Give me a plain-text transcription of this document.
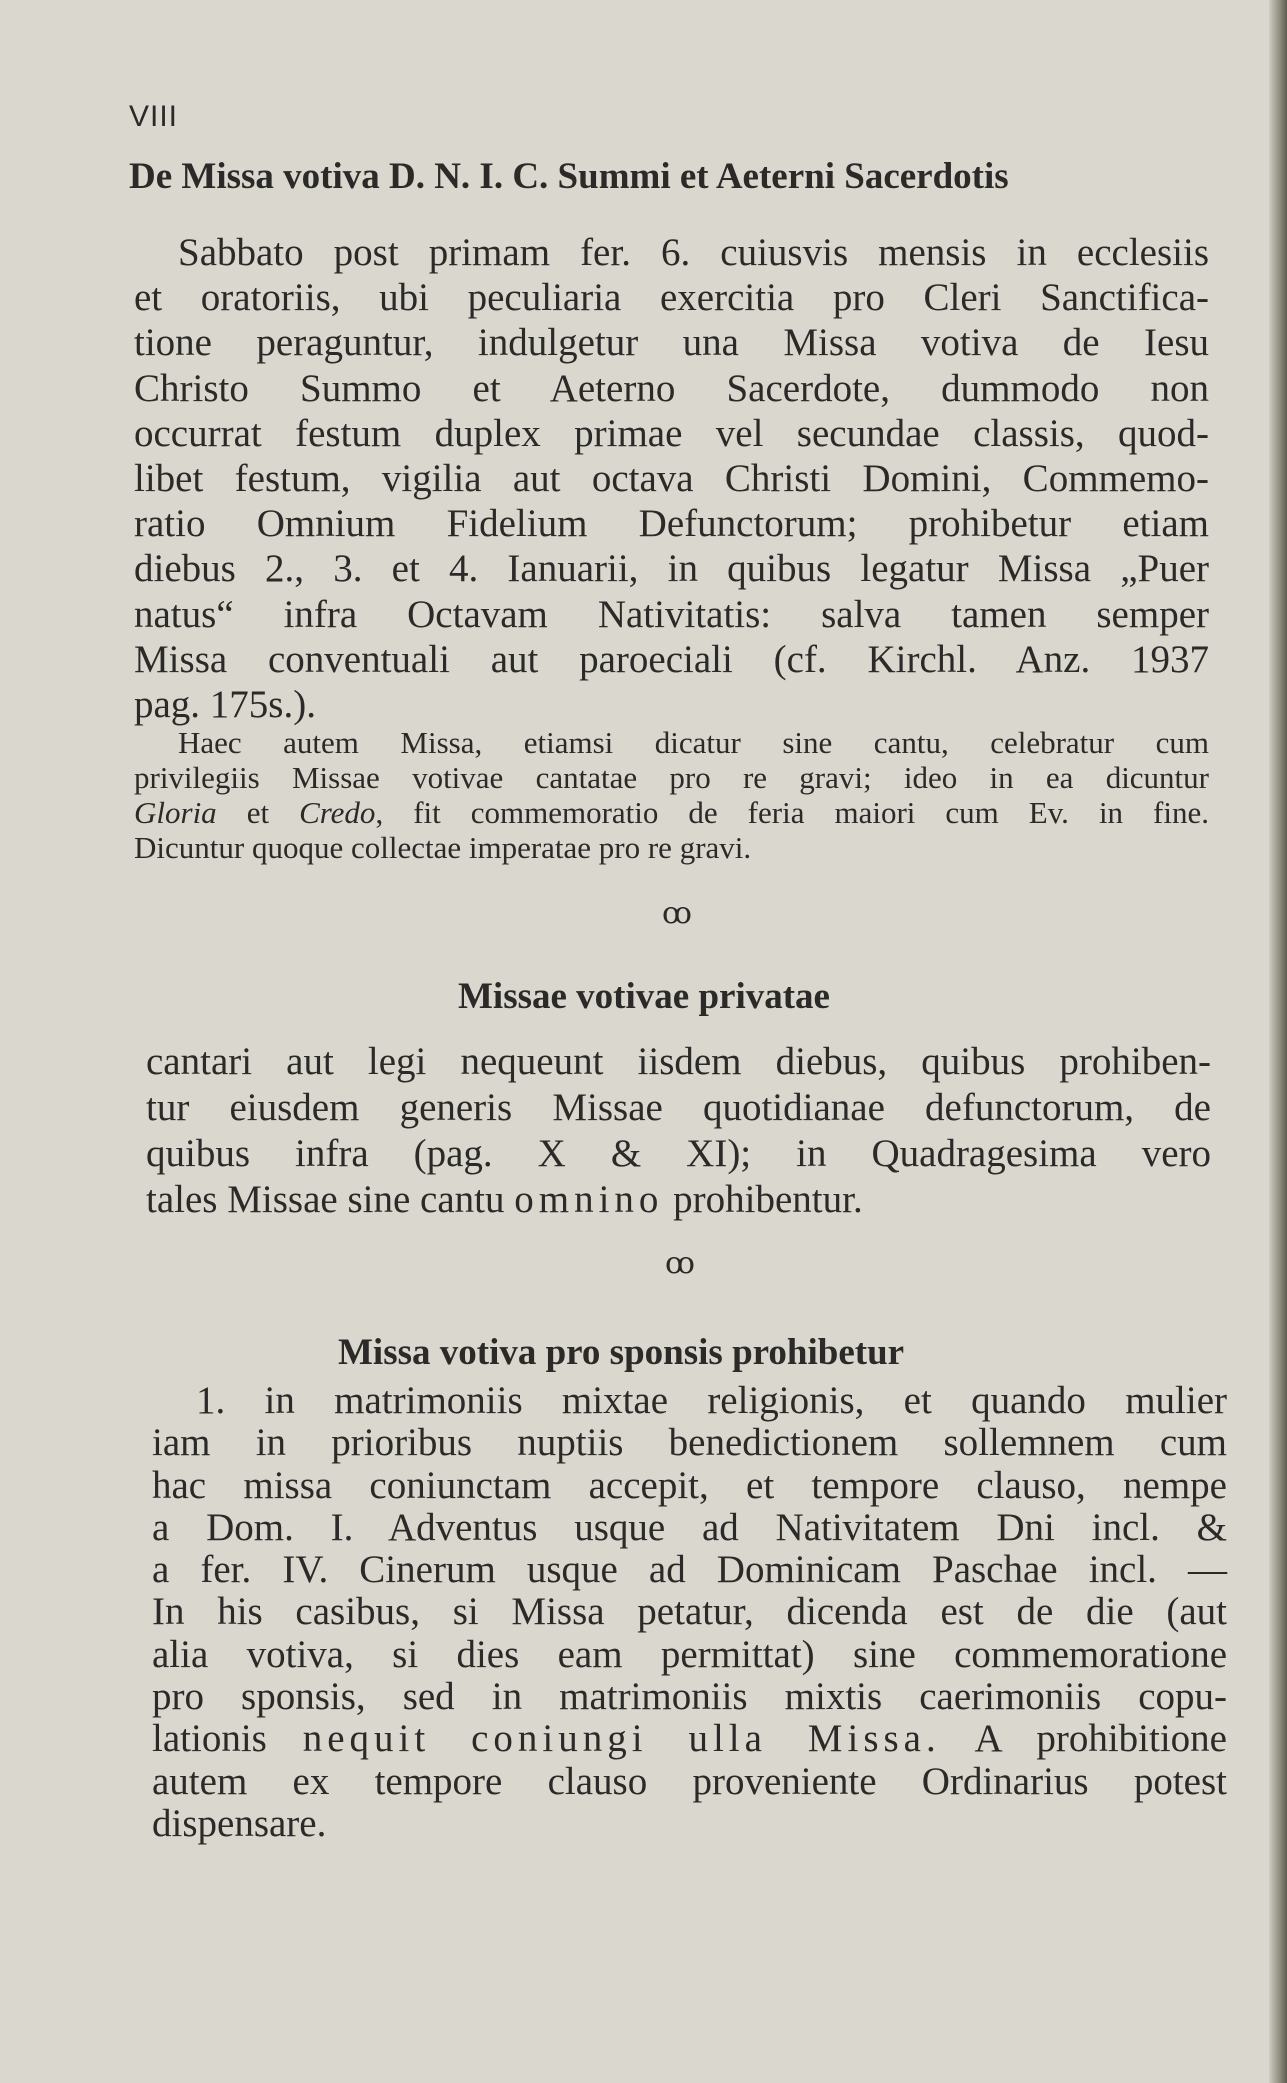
VIII
De Missa votiva D. N. I. C. Summi et Aeterni Sacerdotis
Sabbato post primam fer. 6. cuiusvis mensis in ecclesiis
et oratoriis, ubi peculiaria exercitia pro Cleri Sanctifica-
tione peraguntur, indulgetur una Missa votiva de Iesu
Christo Summo et Aeterno Sacerdote, dummodo non
occurrat festum duplex primae vel secundae classis, quod-
libet festum, vigilia aut octava Christi Domini, Commemo-
ratio Omnium Fidelium Defunctorum; prohibetur etiam
diebus 2., 3. et 4. Ianuarii, in quibus legatur Missa „Puer
natus“ infra Octavam Nativitatis: salva tamen semper
Missa conventuali aut paroeciali (cf. Kirchl. Anz. 1937
pag. 175s.).
Haec autem Missa, etiamsi dicatur sine cantu, celebratur cum
privilegiis Missae votivae cantatae pro re gravi; ideo in ea dicuntur
Gloria et Credo, fit commemoratio de feria maiori cum Ev. in fine.
Dicuntur quoque collectae imperatae pro re gravi.
ꝏ
Missae votivae privatae
cantari aut legi nequeunt iisdem diebus, quibus prohiben-
tur eiusdem generis Missae quotidianae defunctorum, de
quibus infra (pag. X & XI); in Quadragesima vero
tales Missae sine cantu omnino prohibentur.
ꝏ
Missa votiva pro sponsis prohibetur
1. in matrimoniis mixtae religionis, et quando mulier
iam in prioribus nuptiis benedictionem sollemnem cum
hac missa coniunctam accepit, et tempore clauso, nempe
a Dom. I. Adventus usque ad Nativitatem Dni incl. &
a fer. IV. Cinerum usque ad Dominicam Paschae incl. —
In his casibus, si Missa petatur, dicenda est de die (aut
alia votiva, si dies eam permittat) sine commemoratione
pro sponsis, sed in matrimoniis mixtis caerimoniis copu-
lationis nequit coniungi ulla Missa. A prohibitione
autem ex tempore clauso proveniente Ordinarius potest
dispensare.
